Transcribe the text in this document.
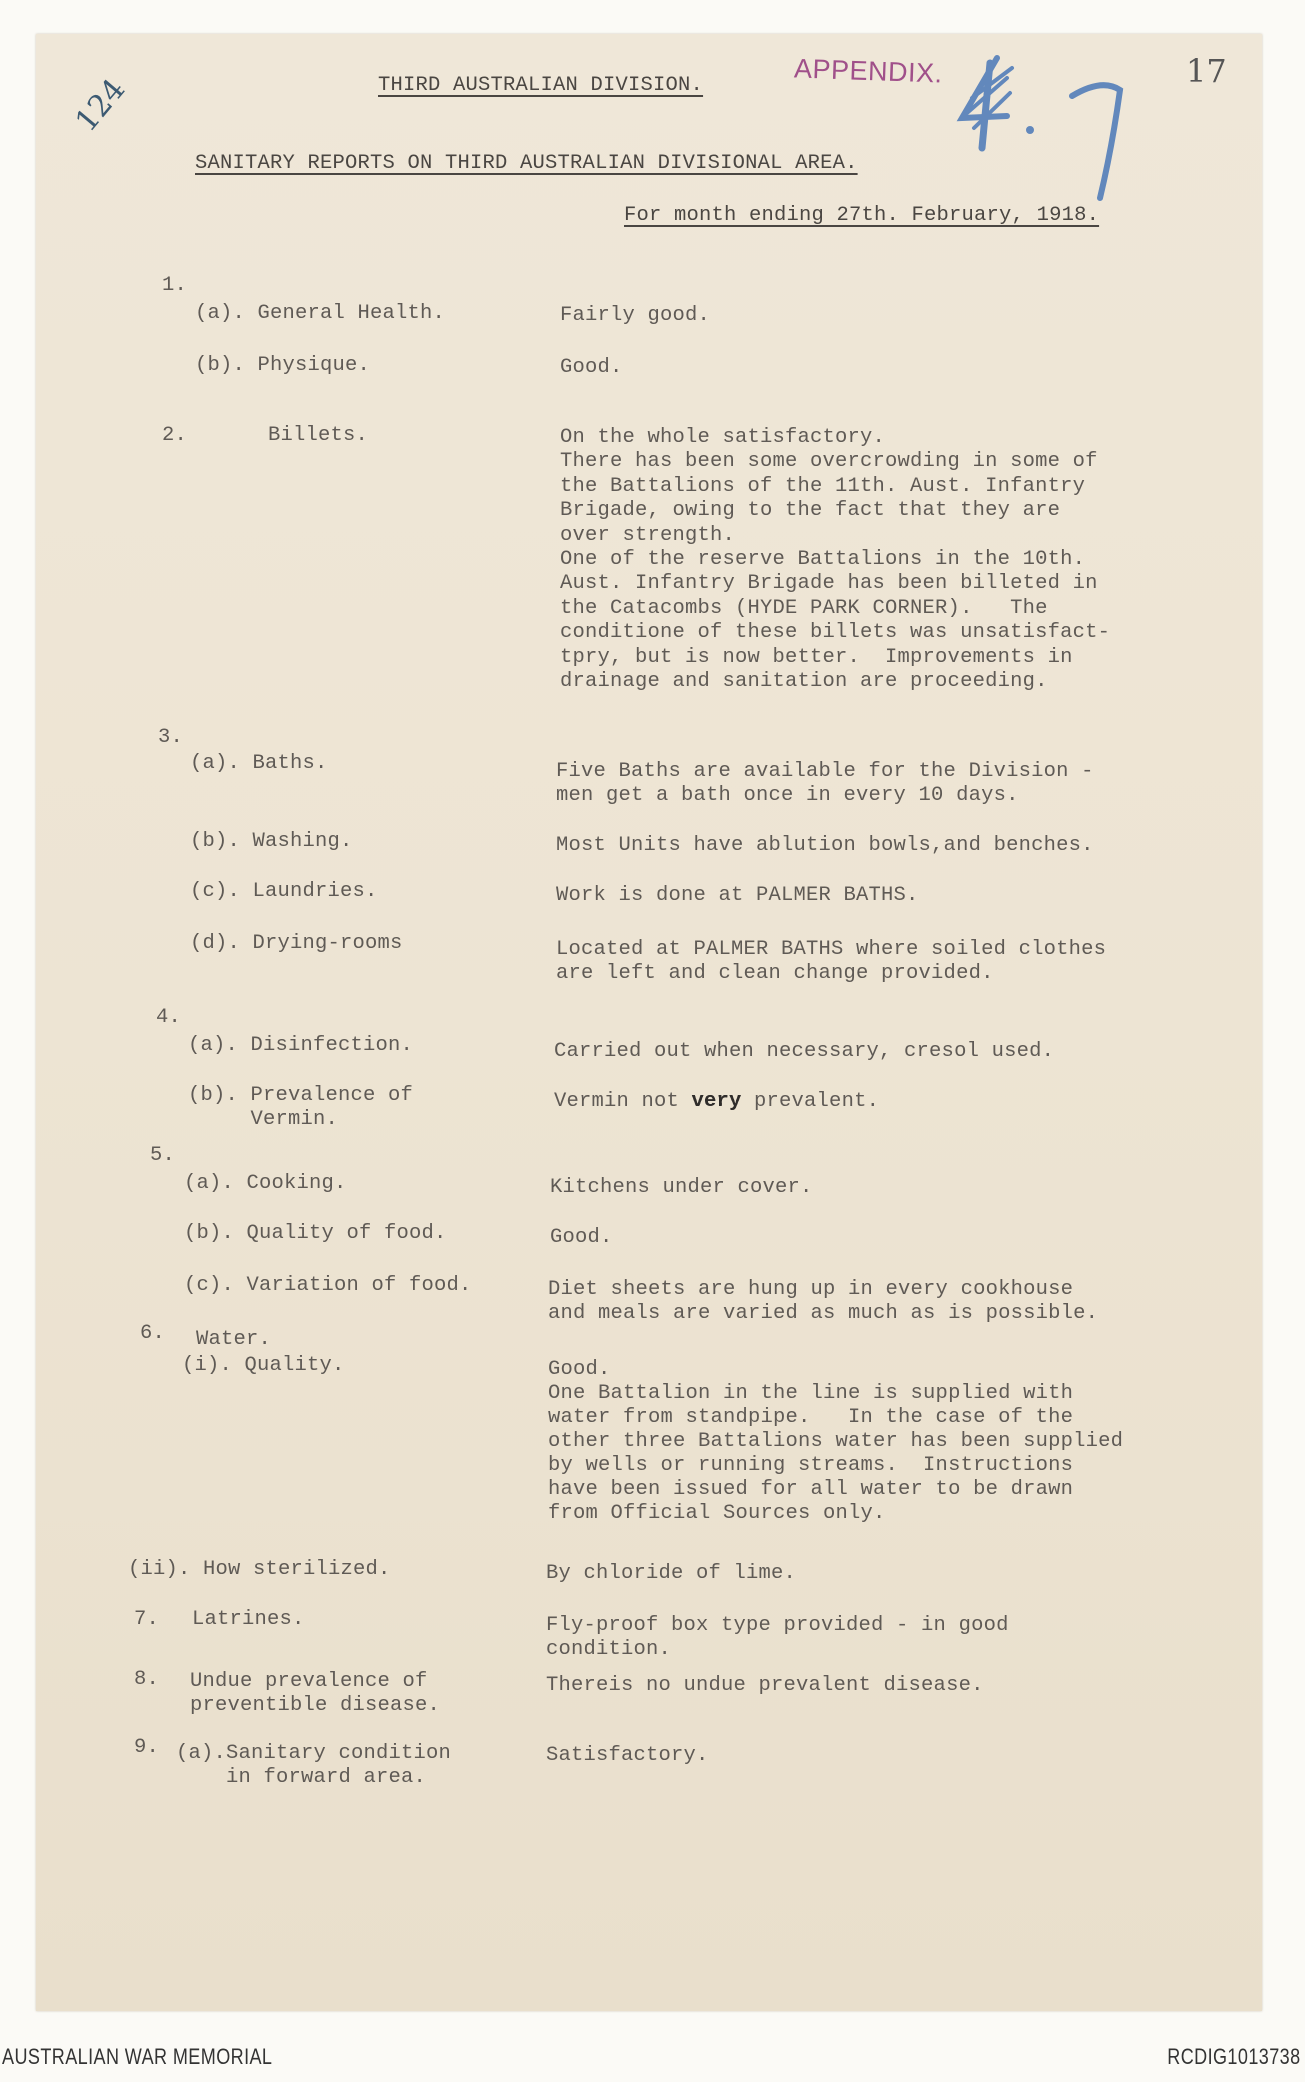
124
17
APPENDIX.
THIRD AUSTRALIAN DIVISION.
SANITARY REPORTS ON THIRD AUSTRALIAN DIVISIONAL AREA.
For month ending 27th. February, 1918.
1.
(a). General Health.	Fairly good.
(b). Physique.	Good.
2.	Billets.	On the whole satisfactory.
There has been some overcrowding in some of
the Battalions of the 11th. Aust. Infantry
Brigade, owing to the fact that they are
over strength.
One of the reserve Battalions in the 10th.
Aust. Infantry Brigade has been billeted in
the Catacombs (HYDE PARK CORNER).   The
conditione of these billets was unsatisfact-
tpry, but is now better.  Improvements in
drainage and sanitation are proceeding.
3.
(a). Baths.	Five Baths are available for the Division -
men get a bath once in every 10 days.
(b). Washing.	Most Units have ablution bowls,and benches.
(c). Laundries.	Work is done at PALMER BATHS.
(d). Drying-rooms	Located at PALMER BATHS where soiled clothes
are left and clean change provided.
4.
(a). Disinfection.	Carried out when necessary, cresol used.
(b). Prevalence of
Vermin.
Vermin not very prevalent.
5.
(a). Cooking.	Kitchens under cover.
(b). Quality of food.	Good.
(c). Variation of food.	Diet sheets are hung up in every cookhouse
and meals are varied as much as is possible.
6. Water.
(i). Quality.	Good.
One Battalion in the line is supplied with
water from standpipe.   In the case of the
other three Battalions water has been supplied
by wells or running streams.  Instructions
have been issued for all water to be drawn
from Official Sources only.
(ii). How sterilized.	By chloride of lime.
7. Latrines.	Fly-proof box type provided - in good
condition.
8. Undue prevalence of
preventible disease.
Thereis no undue prevalent disease.
9. (a).Sanitary condition
in forward area.
Satisfactory.
AUSTRALIAN WAR MEMORIAL	RCDIG1013738
